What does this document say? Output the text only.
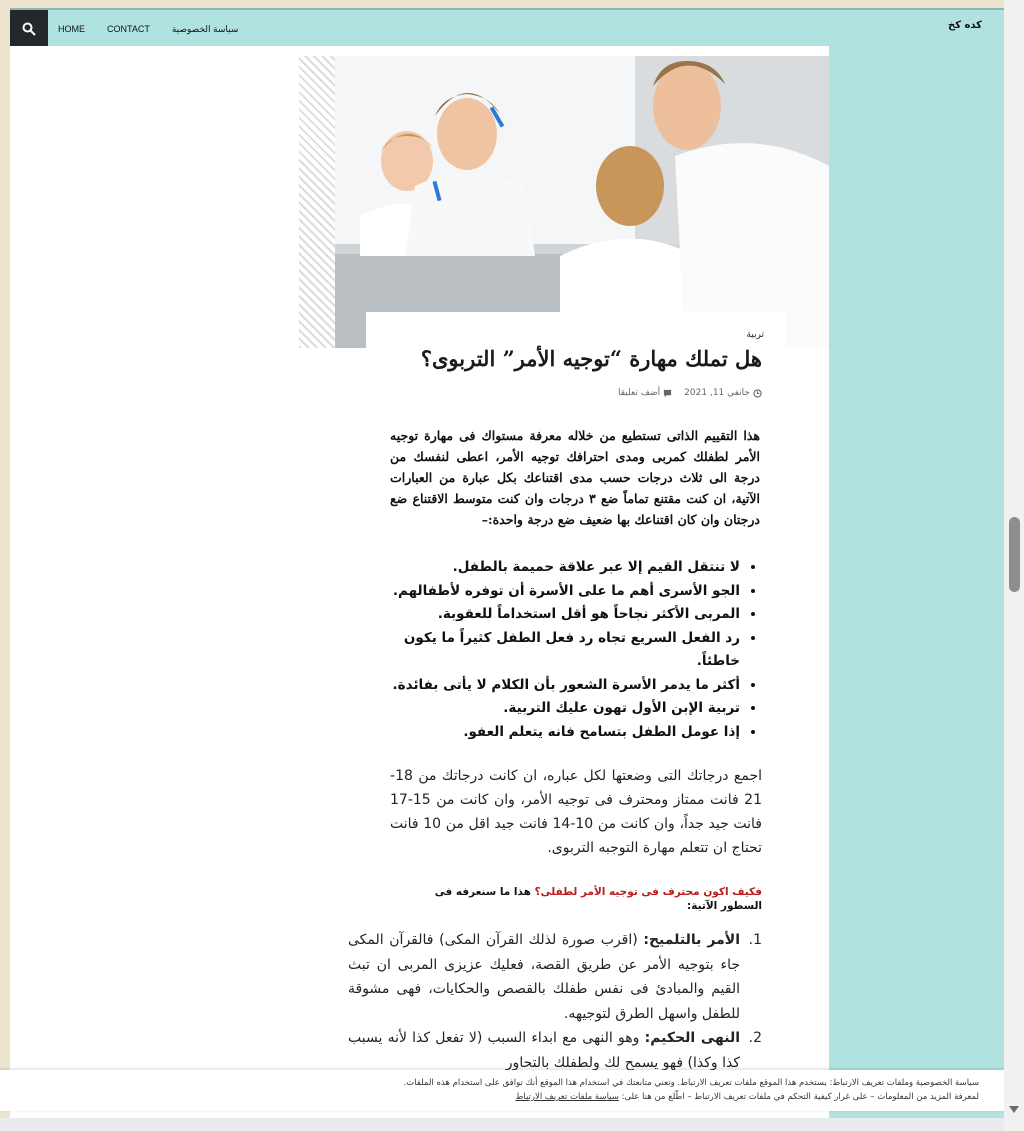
HOME CONTACT سياسة الخصوصية	كده كخ
تربية
هل تملك مهارة “توجيه الأمر” التربوى؟
جانفي 11, 2021
أضف تعليقا

هذا التقييم الذاتى تستطيع من خلاله معرفة مستواك فى مهارة توجيه الأمر لطفلك كمربى ومدى احترافك توجيه الأمر، اعطى لنفسك من درجة الى ثلاث درجات حسب مدى اقتناعك بكل عبارة من العبارات الآتية، ان كنت مقتنع تماماً ضع ٣ درجات وان كنت متوسط الاقتناع ضع درجتان وان كان اقتناعك بها ضعيف ضع درجة واحدة:–

• لا تنتقل القيم إلا عبر علاقة حميمة بالطفل.
• الجو الأسرى أهم ما على الأسرة أن توفره لأطفالهم.
• المربى الأكثر نجاحاً هو أقل استخداماً للعقوبة.
• رد الفعل السريع تجاه رد فعل الطفل كثيراً ما يكون خاطئاً.
• أكثر ما يدمر الأسرة الشعور بأن الكلام لا يأتى بفائدة.
• تربية الإبن الأول تهون عليك التربية.
• إذا عومل الطفل بتسامح فانه يتعلم العفو.

اجمع درجاتك التى وضعتها لكل عباره، ان كانت درجاتك من 18-21 فانت ممتاز ومحترف فى توجيه الأمر، وان كانت من 15-17 فانت جيد جداً، وان كانت من 10-14 فانت جيد اقل من 10 فانت تحتاج ان تتعلم مهارة التوجبه التربوى.

فكيف اكون محترف فى توجيه الأمر لطفلى؟ هذا ما سنعرفه فى السطور الآتية:

1.
الأمر بالتلميح: (اقرب صورة لذلك القرآن المكى) فالقرآن المكى جاء بتوجيه الأمر عن طريق القصة، فعليك عزيزى المربى ان تبث القيم والمبادئ فى نفس طفلك بالقصص والحكايات، فهى مشوقة للطفل واسهل الطرق لتوجيهه.
2.
النهى الحكيم: وهو النهى مع ابداء السبب (لا تفعل كذا لأنه يسبب كذا وكذا) فهو يسمح لك ولطفلك بالتحاور

سياسة الخصوصية وملفات تعريف الارتباط: يستخدم هذا الموقع ملفات تعريف الارتباط. وتعني متابعتك في استخدام هذا الموقع أنك توافق على استخدام هذه الملفات.

لمعرفة المزيد من المعلومات – على غرار كيفية التحكم في ملفات تعريف الارتباط – اطّلع من هنا على: سياسة ملفات تعريف الارتباط
